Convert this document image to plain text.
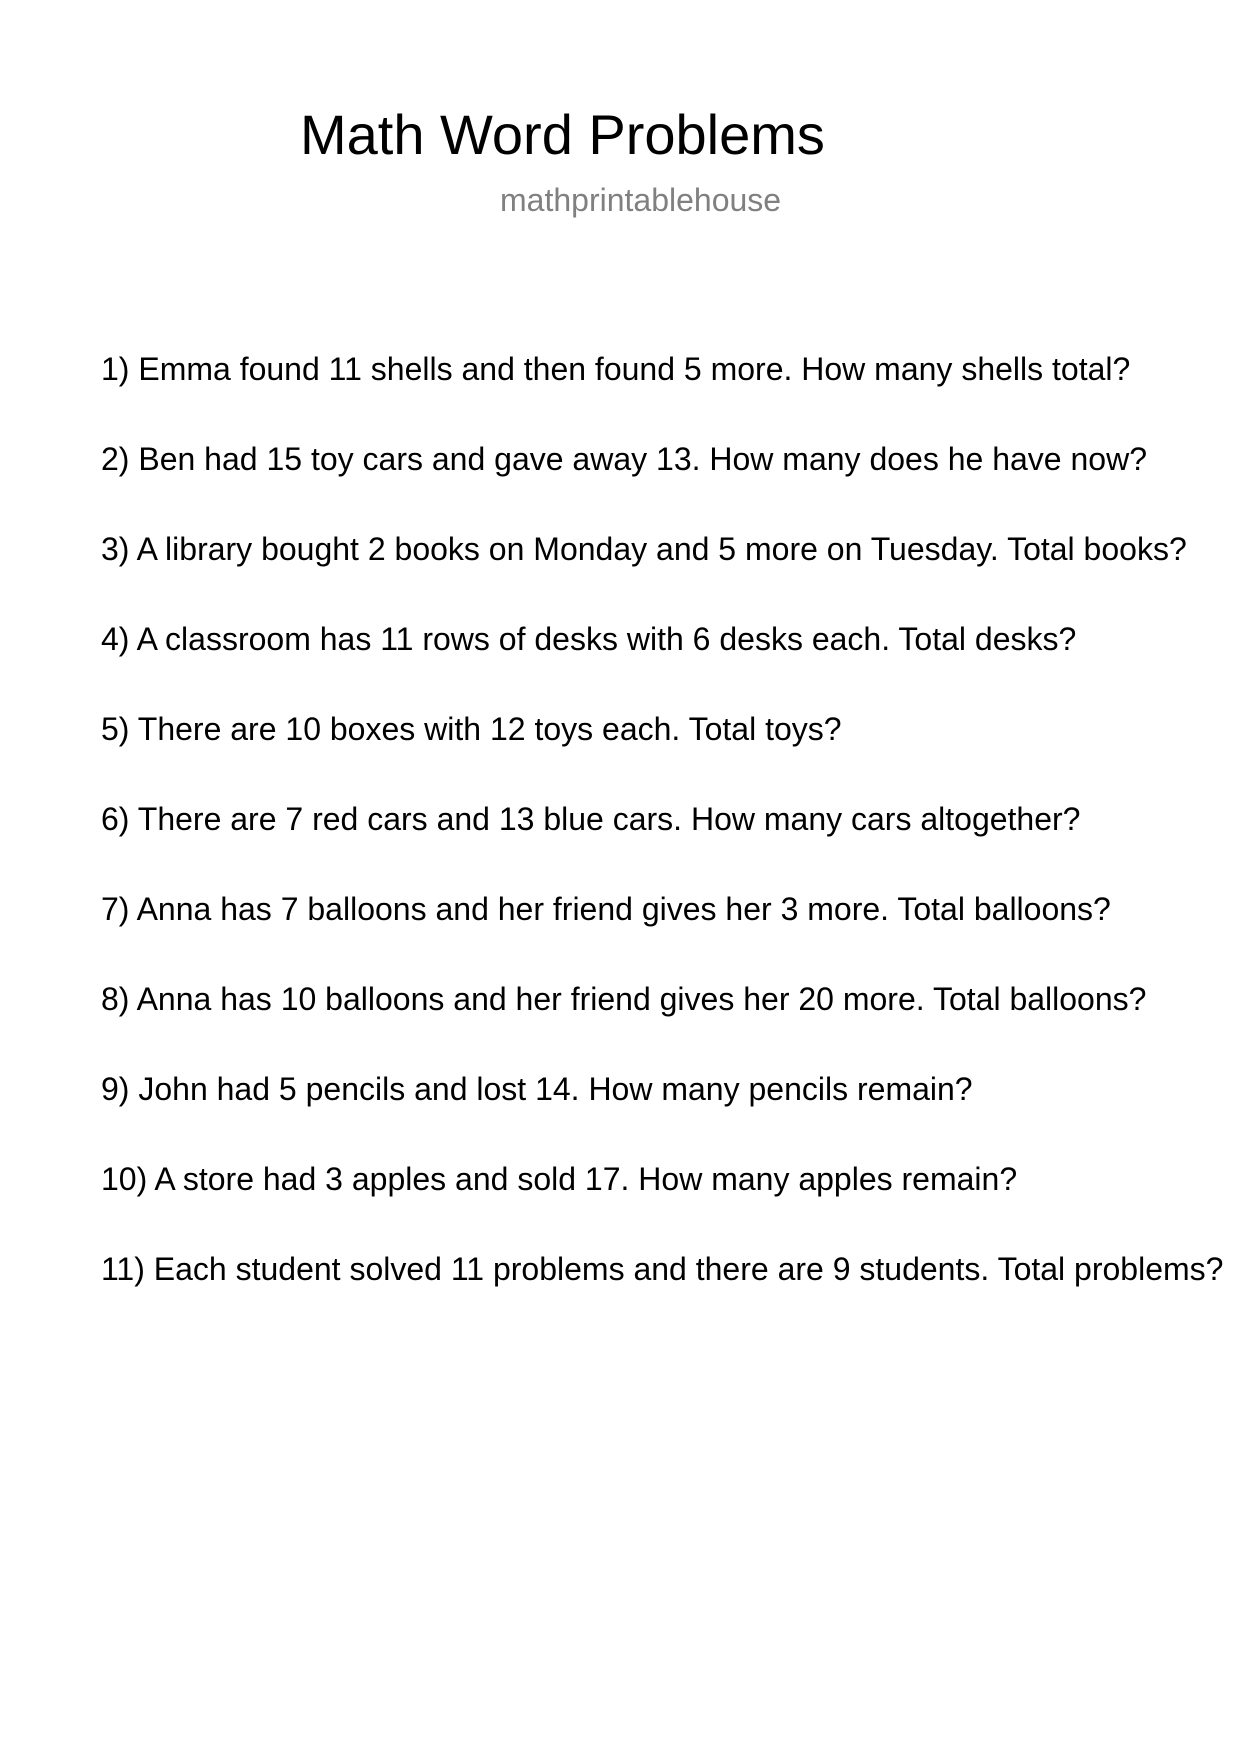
Math Word Problems
mathprintablehouse
1) Emma found 11 shells and then found 5 more. How many shells total?
2) Ben had 15 toy cars and gave away 13. How many does he have now?
3) A library bought 2 books on Monday and 5 more on Tuesday. Total books?
4) A classroom has 11 rows of desks with 6 desks each. Total desks?
5) There are 10 boxes with 12 toys each. Total toys?
6) There are 7 red cars and 13 blue cars. How many cars altogether?
7) Anna has 7 balloons and her friend gives her 3 more. Total balloons?
8) Anna has 10 balloons and her friend gives her 20 more. Total balloons?
9) John had 5 pencils and lost 14. How many pencils remain?
10) A store had 3 apples and sold 17. How many apples remain?
11) Each student solved 11 problems and there are 9 students. Total problems?
